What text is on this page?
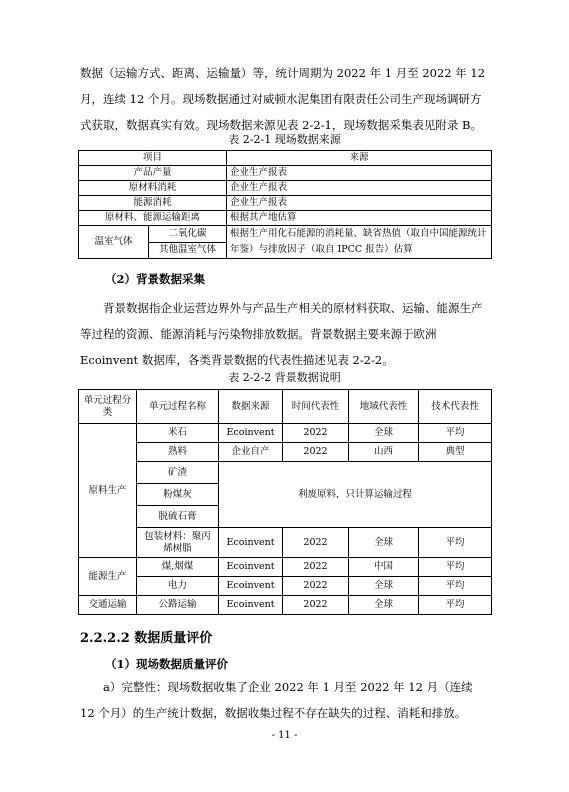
数据（运输方式、距离、运输量）等，统计周期为 2022 年 1 月至 2022 年 12 月，连续 12 个月。现场数据通过对威顿水泥集团有限责任公司生产现场调研方式获取，数据真实有效。现场数据来源见表 2-2-1，现场数据采集表见附录 B。

表 2-2-1 现场数据来源
项目		来源
产品产量		企业生产报表
原材料消耗		企业生产报表
能源消耗		企业生产报表
原材料、能源运输距离		根据其产地估算
温室气体	二氧化碳	根据生产用化石能源的消耗量、缺省热值（取自中国能源统计年鉴）与排放因子（取自 IPCC 报告）估算
	其他温室气体	
（2）背景数据采集

背景数据指企业运营边界外与产品生产相关的原材料获取、运输、能源生产等过程的资源、能源消耗与污染物排放数据。背景数据主要来源于欧洲 Ecoinvent 数据库，各类背景数据的代表性描述见表 2-2-2。

表 2-2-2 背景数据说明
单元过程分类	单元过程名称	数据来源	时间代表性	地域代表性	技术代表性
原料生产	米石	Ecoinvent	2022	全球	平均
	熟料	企业自产	2022	山西	典型
	矿渣	利废原料，只计算运输过程			
	粉煤灰				
	脱硫石膏				
	包装材料：聚丙烯树脂	Ecoinvent	2022	全球	平均
能源生产	煤,烟煤	Ecoinvent	2022	中国	平均
	电力	Ecoinvent	2022	全球	平均
交通运输	公路运输	Ecoinvent	2022	全球	平均
2.2.2.2 数据质量评价
（1）现场数据质量评价

a）完整性：现场数据收集了企业 2022 年 1 月至 2022 年 12 月（连续 12 个月）的生产统计数据，数据收集过程不存在缺失的过程、消耗和排放。

- 11 -
